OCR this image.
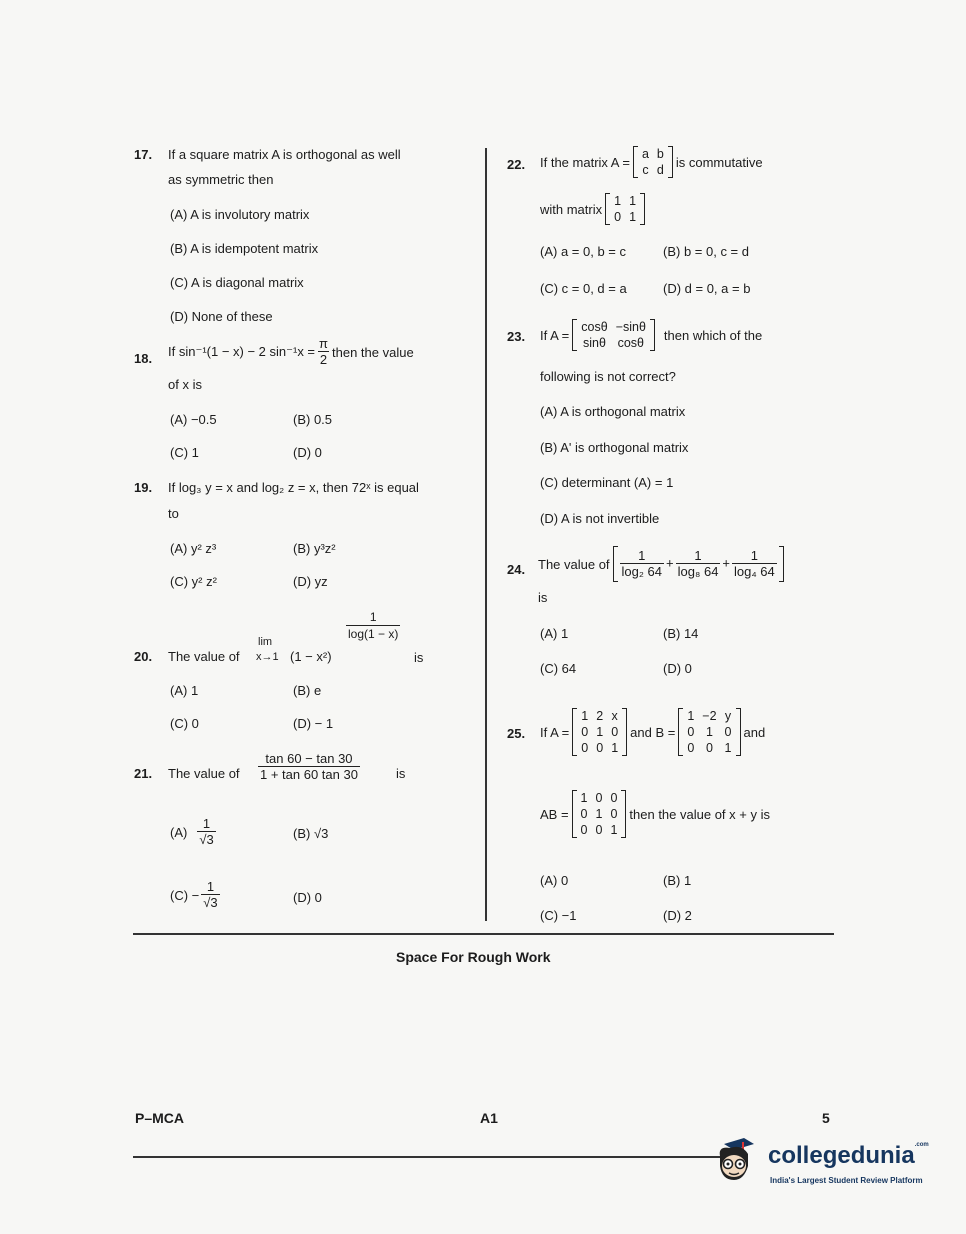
17. If a square matrix A is orthogonal as well
as symmetric then
(A) A is involutory matrix
(B) A is idempotent matrix
(C) A is diagonal matrix
(D) None of these
18. If sin⁻¹(1 − x) − 2 $\sin^{-1}x = \frac{\pi}{2}$ then the value
of x is
(A) −0.5	(B) 0.5
(C) 1	(D) 0
19. If log₃ y = x and log₂ z = x, then 72ˣ is equal
to
(A) y² z³	(B) y³z²
(C) y² z²	(D) yz
20. The value of
lim
x→1 (1 − x²)
$\frac{1}{\log(1 - x)}$
is
(A) 1	(B) e
(C) 0	(D) − 1
21. The value of $\frac{\tan 60 - \tan 30}{1 + \tan 60 \tan 30}$	is
$(A) \frac{1}{√3}$	(B) √3
$(C) - \frac{1}{√3}$	(D) 0
22. If the matrix A =
a	b
c	d
is commutative
with matrix
1	1
0	1
(A) a = 0, b = c	(B) b = 0, c = d
(C) c = 0, d = a	(D) d = 0, a = b
23. If A =
cosθ	−sinθ
sinθ	cosθ
then which of the
following is not correct?
(A) A is orthogonal matrix
(B) A' is orthogonal matrix
(C) determinant (A) = 1
(D) A is not invertible
24. The value of $\frac{1}{\text{log₂ 64}} + \frac{1}{\text{log₈ 64}} + \frac{1}{\text{log₄ 64}}$
is
(A) 1	(B) 14
(C) 64	(D) 0
25. If A =
1	2	x
0	1	0
0	0	1
and B =
1	−2	y
0	1	0
0	0	1
and
AB =
1	0	0
0	1	0
0	0	1
then the value of x + y is
(A) 0	(B) 1
(C) −1	(D) 2
Space For Rough Work
P–MCA	A1	5
collegedunia$^{.com}$
India's Largest Student Review Platform
